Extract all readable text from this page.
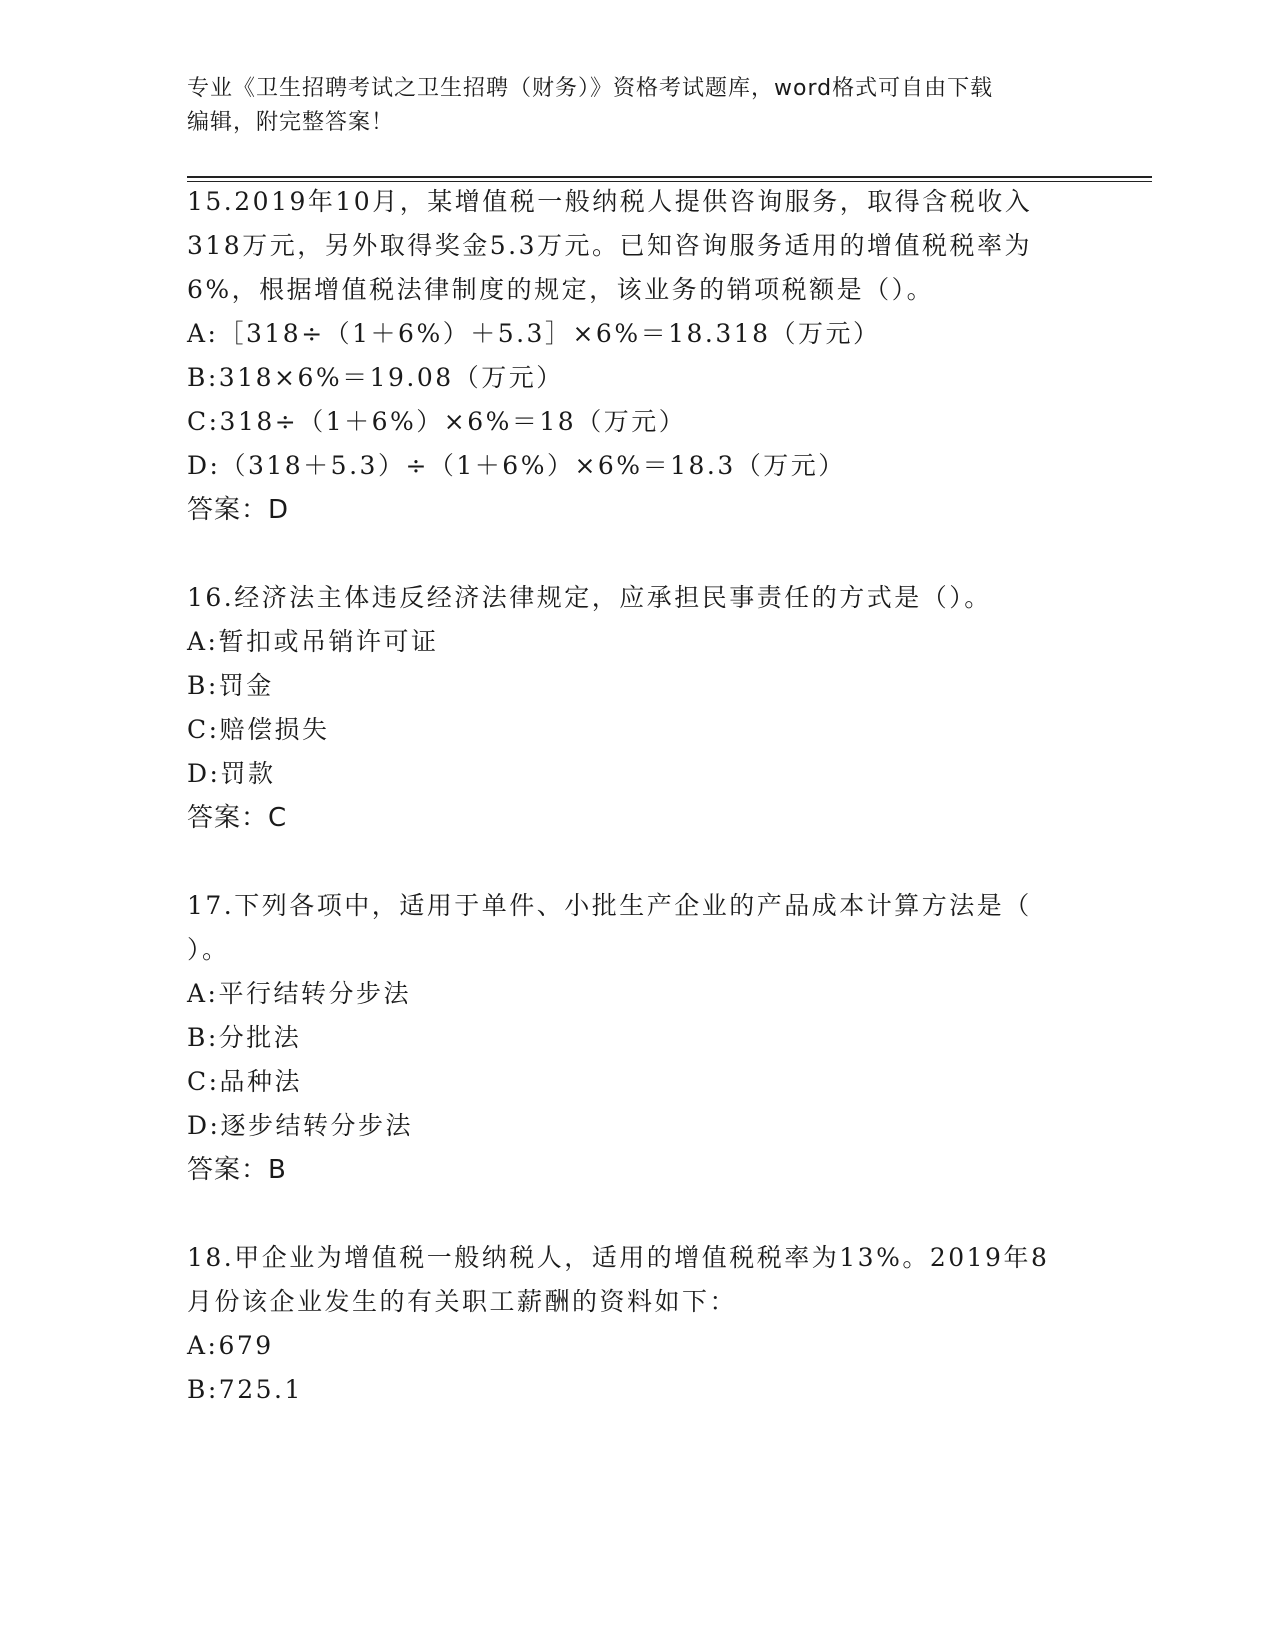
专业《卫生招聘考试之卫生招聘（财务）》资格考试题库，word格式可自由下载
编辑，附完整答案！
15.2019年10月，某增值税一般纳税人提供咨询服务，取得含税收入
318万元，另外取得奖金5.3万元。已知咨询服务适用的增值税税率为
6%，根据增值税法律制度的规定，该业务的销项税额是（）。
A:［318÷（1＋6%）＋5.3］×6%＝18.318（万元）
B:318×6%＝19.08（万元）
C:318÷（1＋6%）×6%＝18（万元）
D:（318＋5.3）÷（1＋6%）×6%＝18.3（万元）
答案：D
16.经济法主体违反经济法律规定，应承担民事责任的方式是（）。
A:暂扣或吊销许可证
B:罚金
C:赔偿损失
D:罚款
答案：C
17.下列各项中，适用于单件、小批生产企业的产品成本计算方法是（
）。
A:平行结转分步法
B:分批法
C:品种法
D:逐步结转分步法
答案：B
18.甲企业为增值税一般纳税人，适用的增值税税率为13%。2019年8
月份该企业发生的有关职工薪酬的资料如下：
A:679
B:725.1
